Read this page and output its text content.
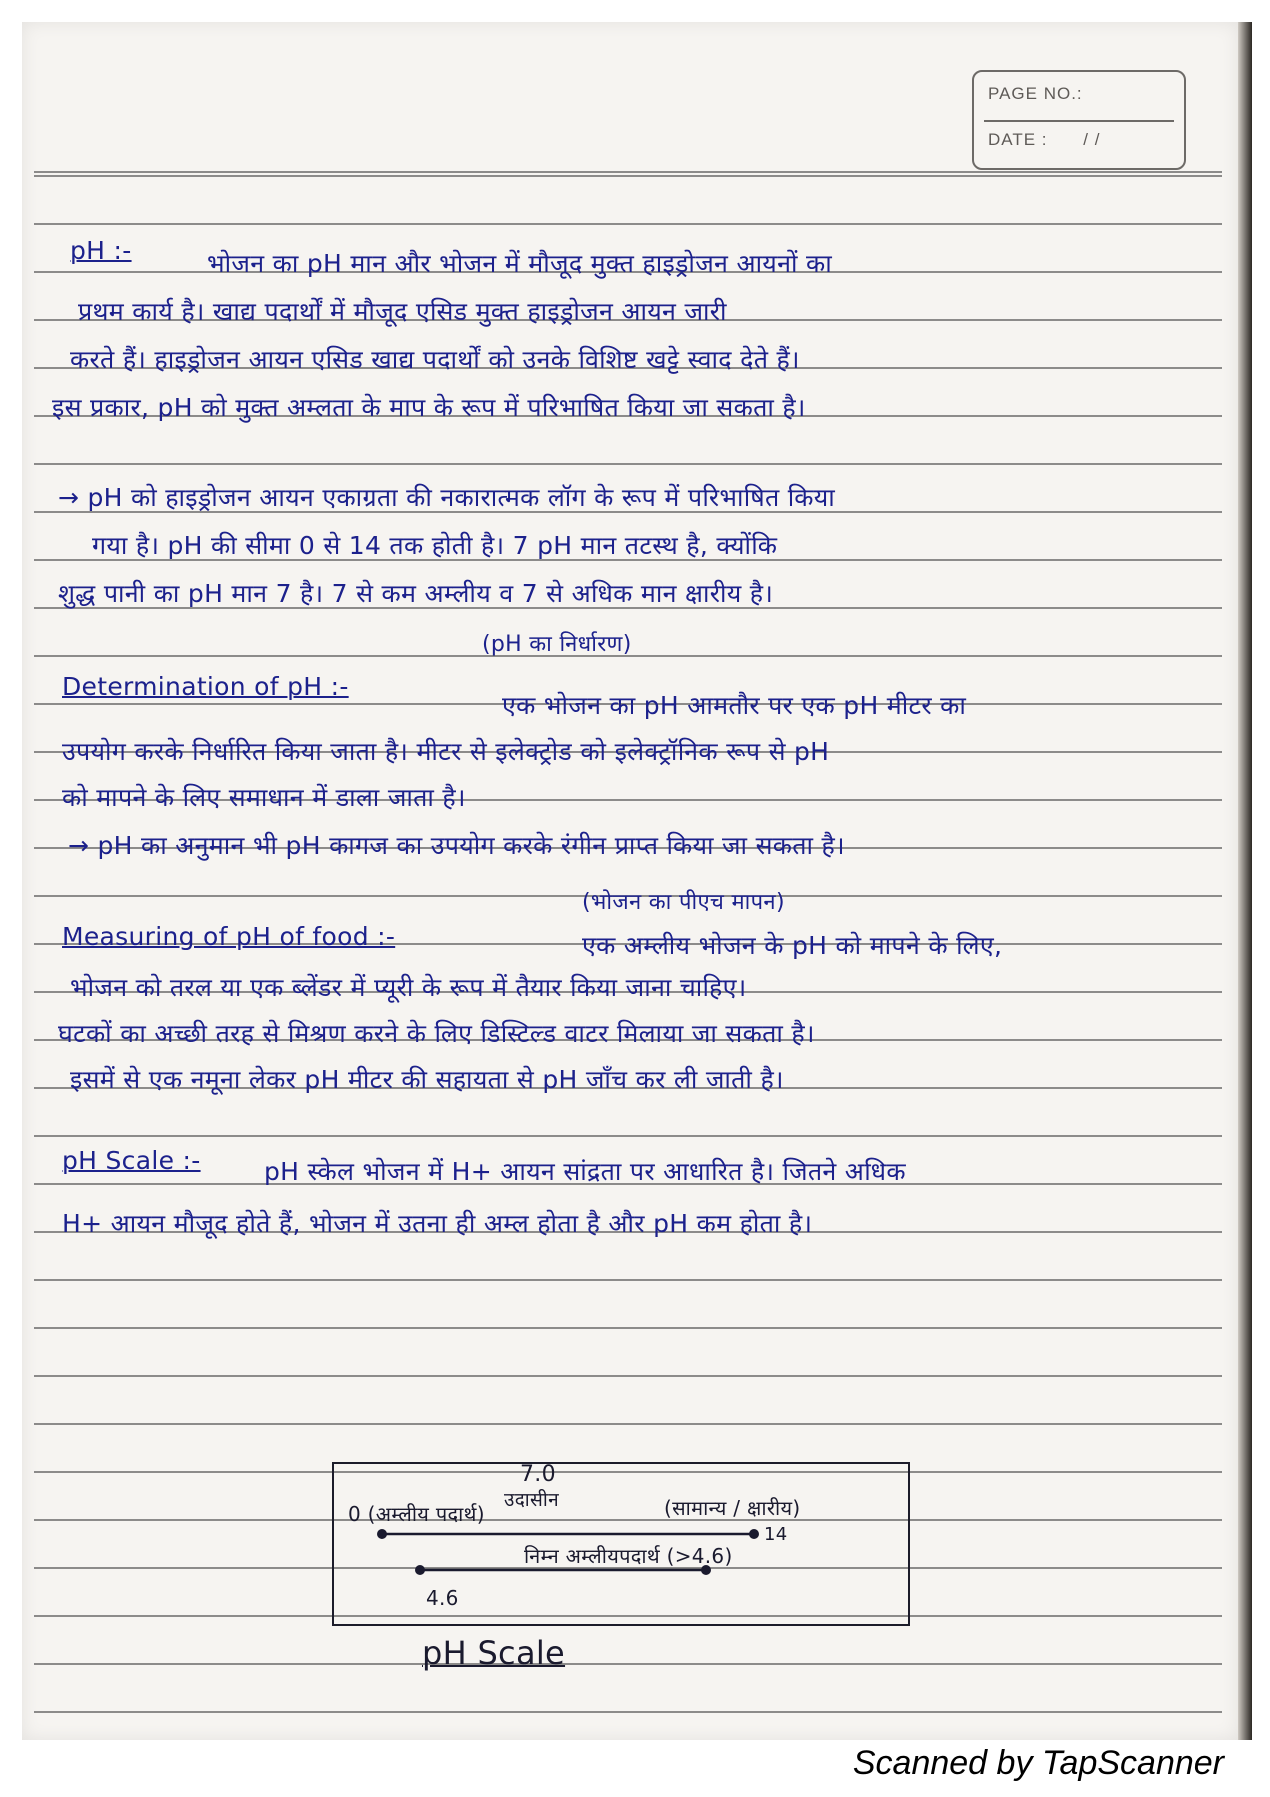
PAGE NO.:
DATE : / /
pH :-	भोजन का pH मान और भोजन में मौजूद मुक्त हाइड्रोजन आयनों का
प्रथम कार्य है। खाद्य पदार्थों में मौजूद एसिड मुक्त हाइड्रोजन आयन जारी
करते हैं। हाइड्रोजन आयन एसिड खाद्य पदार्थों को उनके विशिष्ट खट्टे स्वाद देते हैं।
इस प्रकार, pH को मुक्त अम्लता के माप के रूप में परिभाषित किया जा सकता है।
→ pH को हाइड्रोजन आयन एकाग्रता की नकारात्मक लॉग के रूप में परिभाषित किया
गया है। pH की सीमा 0 से 14 तक होती है। 7 pH मान तटस्थ है, क्योंकि
शुद्ध पानी का pH मान 7 है। 7 से कम अम्लीय व 7 से अधिक मान क्षारीय है।
(pH का निर्धारण)
Determination of pH :-
एक भोजन का pH आमतौर पर एक pH मीटर का
उपयोग करके निर्धारित किया जाता है। मीटर से इलेक्ट्रोड को इलेक्ट्रॉनिक रूप से pH
को मापने के लिए समाधान में डाला जाता है।
→ pH का अनुमान भी pH कागज का उपयोग करके रंगीन प्राप्त किया जा सकता है।
(भोजन का पीएच मापन)
Measuring of pH of food :-	एक अम्लीय भोजन के pH को मापने के लिए,
भोजन को तरल या एक ब्लेंडर में प्यूरी के रूप में तैयार किया जाना चाहिए।
घटकों का अच्छी तरह से मिश्रण करने के लिए डिस्टिल्ड वाटर मिलाया जा सकता है।
इसमें से एक नमूना लेकर pH मीटर की सहायता से pH जाँच कर ली जाती है।
pH Scale :-	pH स्केल भोजन में H+ आयन सांद्रता पर आधारित है। जितने अधिक
H+ आयन मौजूद होते हैं, भोजन में उतना ही अम्ल होता है और pH कम होता है।
7.0
उदासीन
0 (अम्लीय पदार्थ)	(सामान्य / क्षारीय)
14
निम्न अम्लीयपदार्थ (>4.6)
4.6
pH Scale
Scanned by TapScanner
